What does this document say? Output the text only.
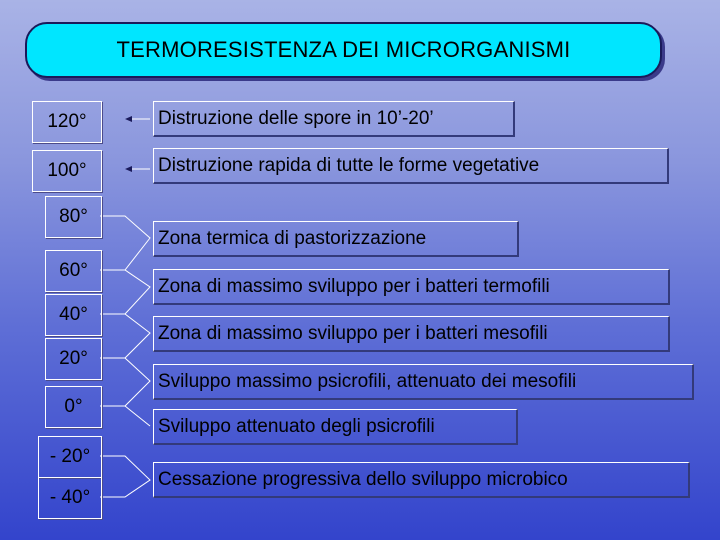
TERMORESISTENZA DEI MICRORGANISMI
120°
100°
80°
60°
40°
20°
0°
- 20°
- 40°
Distruzione delle spore in 10’-20’
Distruzione rapida di tutte le forme vegetative
Zona termica di pastorizzazione
Zona di massimo sviluppo per i batteri termofili
Zona di massimo sviluppo per i batteri mesofili
Sviluppo massimo psicrofili, attenuato dei mesofili
Sviluppo attenuato degli psicrofili
Cessazione progressiva dello sviluppo microbico
